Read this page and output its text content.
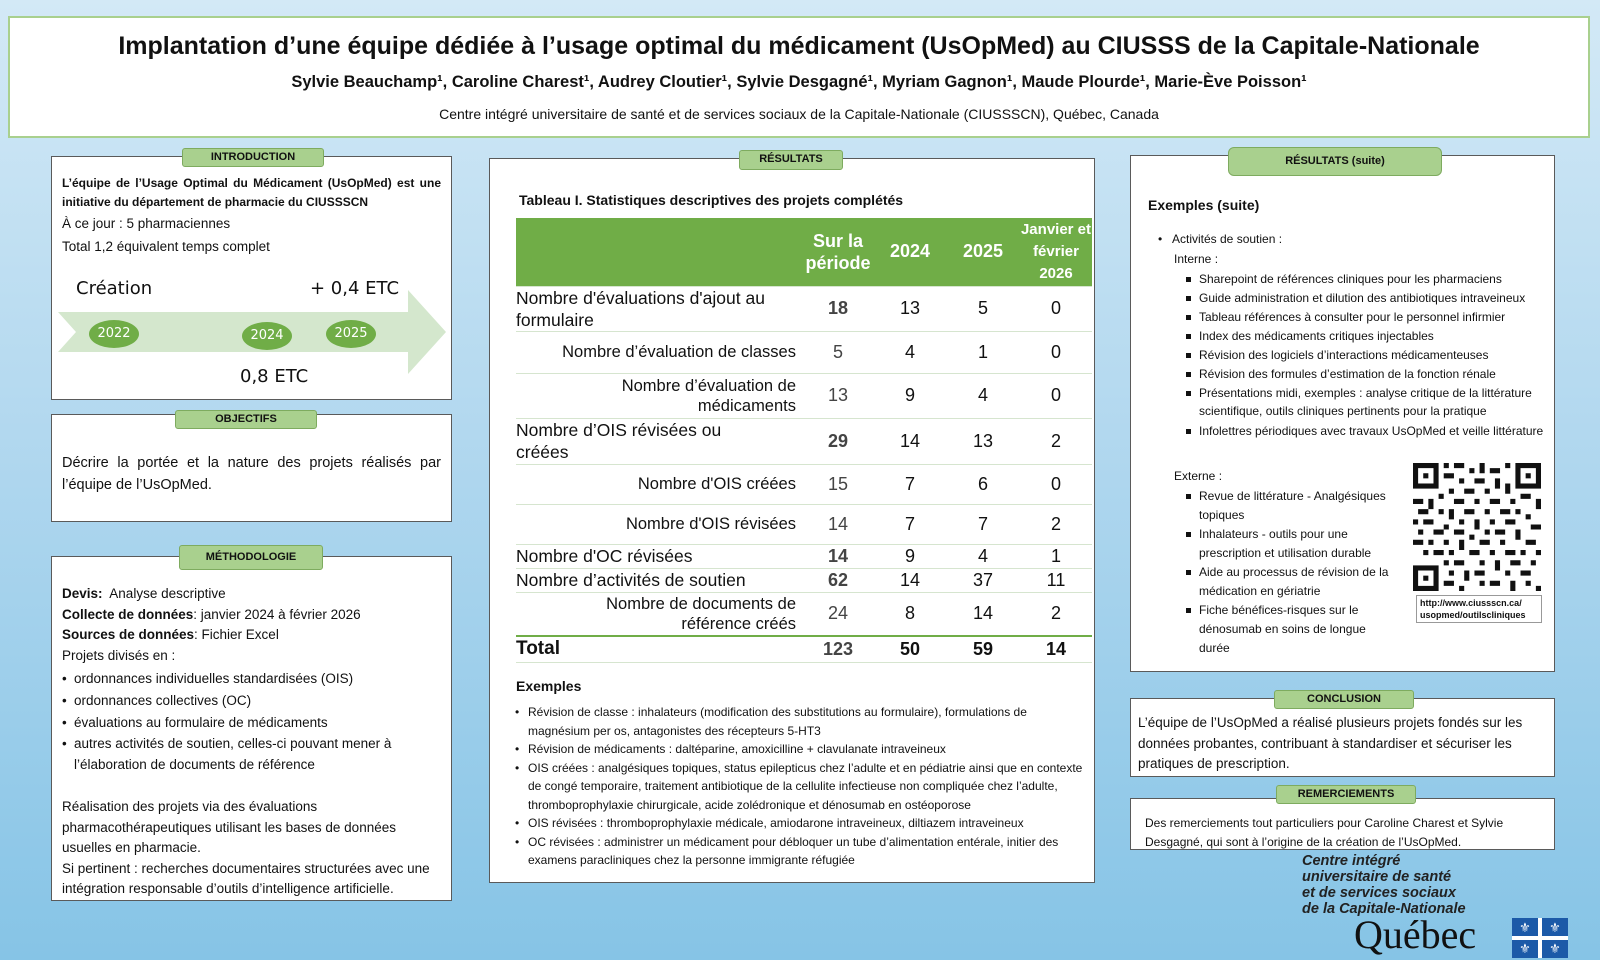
Implantation d’une équipe dédiée à l’usage optimal du médicament (UsOpMed) au CIUSSS de la Capitale-Nationale
Sylvie Beauchamp¹, Caroline Charest¹, Audrey Cloutier¹, Sylvie Desgagné¹, Myriam Gagnon¹, Maude Plourde¹, Marie-Ève Poisson¹
Centre intégré universitaire de santé et de services sociaux de la Capitale-Nationale (CIUSSSCN), Québec, Canada
L’équipe de l’Usage Optimal du Médicament (UsOpMed) est une initiative du département de pharmacie du CIUSSSCN
À ce jour : 5 pharmaciennes
Total 1,2 équivalent temps complet
INTRODUCTION
Création	+ 0,4 ETC
0,8 ETC
2022	2024	2025
Décrire la portée et la nature des projets réalisés par l’équipe de l’UsOpMed.
OBJECTIFS
Devis: Analyse descriptive
Collecte de données: janvier 2024 à février 2026
Sources de données: Fichier Excel
Projets divisés en :
• ordonnances individuelles standardisées (OIS)
• ordonnances collectives (OC)
• évaluations au formulaire de médicaments
• autres activités de soutien, celles-ci pouvant mener à l’élaboration de documents de référence
Réalisation des projets via des évaluations pharmacothérapeutiques utilisant les bases de données usuelles en pharmacie.
Si pertinent : recherches documentaires structurées avec une intégration responsable d’outils d’intelligence artificielle.
MÉTHODOLOGIE
Tableau I. Statistiques descriptives des projets complétés
Exemples
• Révision de classe : inhalateurs (modification des substitutions au formulaire), formulations de magnésium per os, antagonistes des récepteurs 5-HT3
• Révision de médicaments : daltéparine, amoxicilline + clavulanate intraveineux
• OIS créées : analgésiques topiques, status epilepticus chez l’adulte et en pédiatrie ainsi que en contexte de congé temporaire, traitement antibiotique de la cellulite infectieuse non compliquée chez l’adulte, thromboprophylaxie chirurgicale, acide zolédronique et dénosumab en ostéoporose
• OIS révisées : thromboprophylaxie médicale, amiodarone intraveineux, diltiazem intraveineux
• OC révisées : administrer un médicament pour débloquer un tube d’alimentation entérale, initier des examens paracliniques chez la personne immigrante réfugiée
RÉSULTATS
	Sur la période	2024	2025	Janvier et février 2026
Nombre d'évaluations d'ajout au formulaire	18	13	5	0
Nombre d’évaluation de classes	5	4	1	0
Nombre d’évaluation de médicaments	13	9	4	0
Nombre d’OIS révisées ou créées	29	14	13	2
Nombre d'OIS créées	15	7	6	0
Nombre d'OIS révisées	14	7	7	2
Nombre d'OC révisées	14	9	4	1
Nombre d’activités de soutien	62	14	37	11
Nombre de documents de référence créés	24	8	14	2
Total	123	50	59	14
Exemples (suite)
• Activités de soutien :
Interne :
Sharepoint de références cliniques pour les pharmaciens
Guide administration et dilution des antibiotiques intraveineux
Tableau références à consulter pour le personnel infirmier
Index des médicaments critiques injectables
Révision des logiciels d’interactions médicamenteuses
Révision des formules d’estimation de la fonction rénale
Présentations midi, exemples : analyse critique de la littérature scientifique, outils cliniques pertinents pour la pratique
Infolettres périodiques avec travaux UsOpMed et veille littérature
Externe :
Revue de littérature - Analgésiques topiques
Inhalateurs - outils pour une prescription et utilisation durable
Aide au processus de révision de la médication en gériatrie
Fiche bénéfices-risques sur le dénosumab en soins de longue durée
http://www.ciussscn.ca/ usopmed/outilscliniques
RÉSULTATS (suite)
L’équipe de l’UsOpMed a réalisé plusieurs projets fondés sur les données probantes, contribuant à standardiser et sécuriser les pratiques de prescription.
CONCLUSION
Des remerciements tout particuliers pour Caroline Charest et Sylvie Desgagné, qui sont à l’origine de la création de l’UsOpMed.
REMERCIEMENTS
Centre intégré
universitaire de santé
et de services sociaux
de la Capitale-Nationale
Québec	⚜ ⚜
⚜ ⚜
